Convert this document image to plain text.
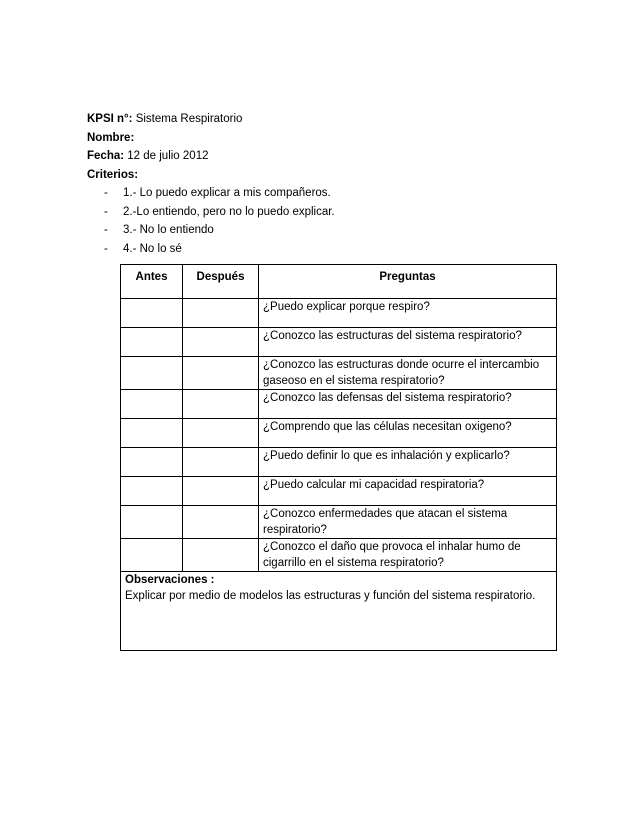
KPSI n°: Sistema Respiratorio
Nombre:
Fecha: 12 de julio 2012
Criterios:
- 1.- Lo puedo explicar a mis compañeros.
- 2.-Lo entiendo, pero no lo puedo explicar.
- 3.- No lo entiendo
- 4.- No lo sé
Antes	Después	Preguntas
		¿Puedo explicar porque respiro?
		¿Conozco las estructuras del sistema respiratorio?
		¿Conozco las estructuras donde ocurre el intercambio gaseoso en el sistema respiratorio?
		¿Conozco las defensas del sistema respiratorio?
		¿Comprendo que las células necesitan oxigeno?
		¿Puedo definir lo que es inhalación y explicarlo?
		¿Puedo calcular mi capacidad respiratoria?
		¿Conozco enfermedades que atacan el sistema respiratorio?
		¿Conozco el daño que provoca el inhalar humo de cigarrillo en el sistema respiratorio?

Observaciones :
Explicar por medio de modelos las estructuras y función del sistema respiratorio.		
